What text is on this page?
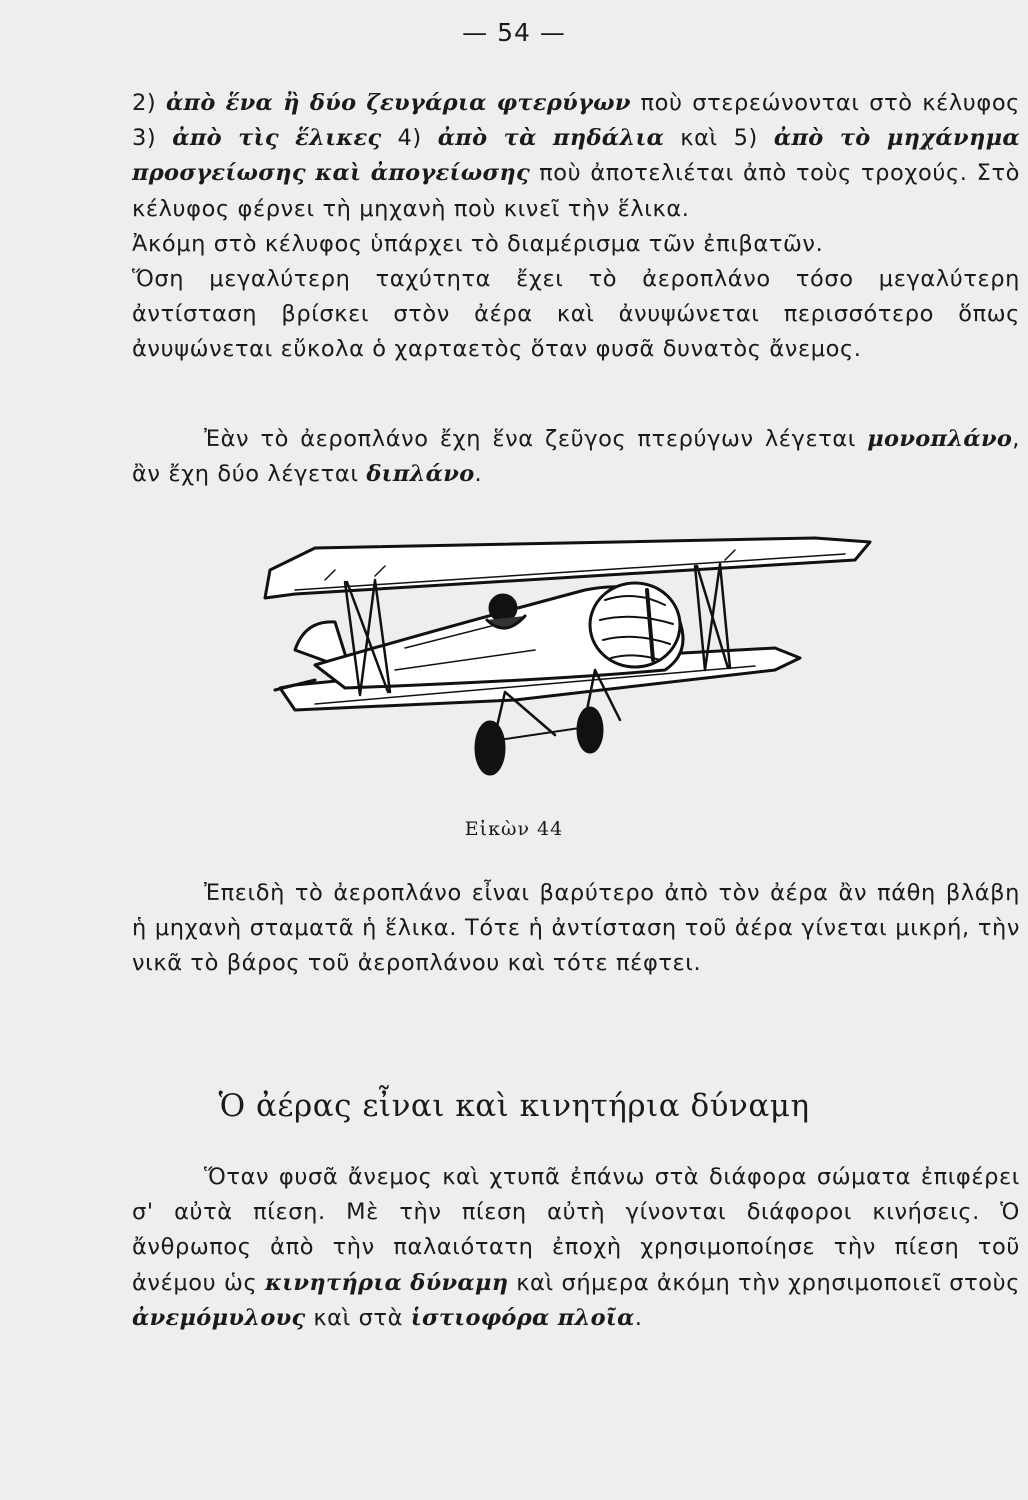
— 54 —

2) ἀπὸ ἕνα ἢ δύο ζευγάρια φτερύγων ποὺ στερεώνονται στὸ κέλυφος 3) ἀπὸ τὶς ἕλικες 4) ἀπὸ τὰ πηδάλια καὶ 5) ἀπὸ τὸ μηχάνημα προσγείωσης καὶ ἀπογείωσης ποὺ ἀποτελιέται ἀπὸ τοὺς τροχούς. Στὸ κέλυφος φέρνει τὴ μηχανὴ ποὺ κινεῖ τὴν ἕλικα.

Ἀκόμη στὸ κέλυφος ὑπάρχει τὸ διαμέρισμα τῶν ἐπιβατῶν.

Ὅση μεγαλύτερη ταχύτητα ἔχει τὸ ἀεροπλάνο τόσο μεγαλύτερη ἀντίσταση βρίσκει στὸν ἀέρα καὶ ἀνυψώνεται περισσότερο ὅπως ἀνυψώνεται εὔκολα ὁ χαρταετὸς ὅταν φυσᾶ δυνατὸς ἄνεμος.

Ἐὰν τὸ ἀεροπλάνο ἔχη ἕνα ζεῦγος πτερύγων λέγεται μονοπλάνο, ἂν ἔχη δύο λέγεται διπλάνο.

Εἰκὼν 44

Ἐπειδὴ τὸ ἀεροπλάνο εἶναι βαρύτερο ἀπὸ τὸν ἀέρα ἂν πάθη βλάβη ἡ μηχανὴ σταματᾶ ἡ ἕλικα. Τότε ἡ ἀντίσταση τοῦ ἀέρα γίνεται μικρή, τὴν νικᾶ τὸ βάρος τοῦ ἀεροπλάνου καὶ τότε πέφτει.

Ὁ ἀέρας εἶναι καὶ κινητήρια δύναμη

Ὅταν φυσᾶ ἄνεμος καὶ χτυπᾶ ἐπάνω στὰ διάφορα σώματα ἐπιφέρει σ' αὐτὰ πίεση. Μὲ τὴν πίεση αὐτὴ γίνονται διάφοροι κινήσεις. Ὁ ἄνθρωπος ἀπὸ τὴν παλαιότατη ἐποχὴ χρησιμοποίησε τὴν πίεση τοῦ ἀνέμου ὡς κινητήρια δύναμη καὶ σήμερα ἀκόμη τὴν χρησιμοποιεῖ στοὺς ἀνεμόμυλους καὶ στὰ ἱστιοφόρα πλοῖα.
